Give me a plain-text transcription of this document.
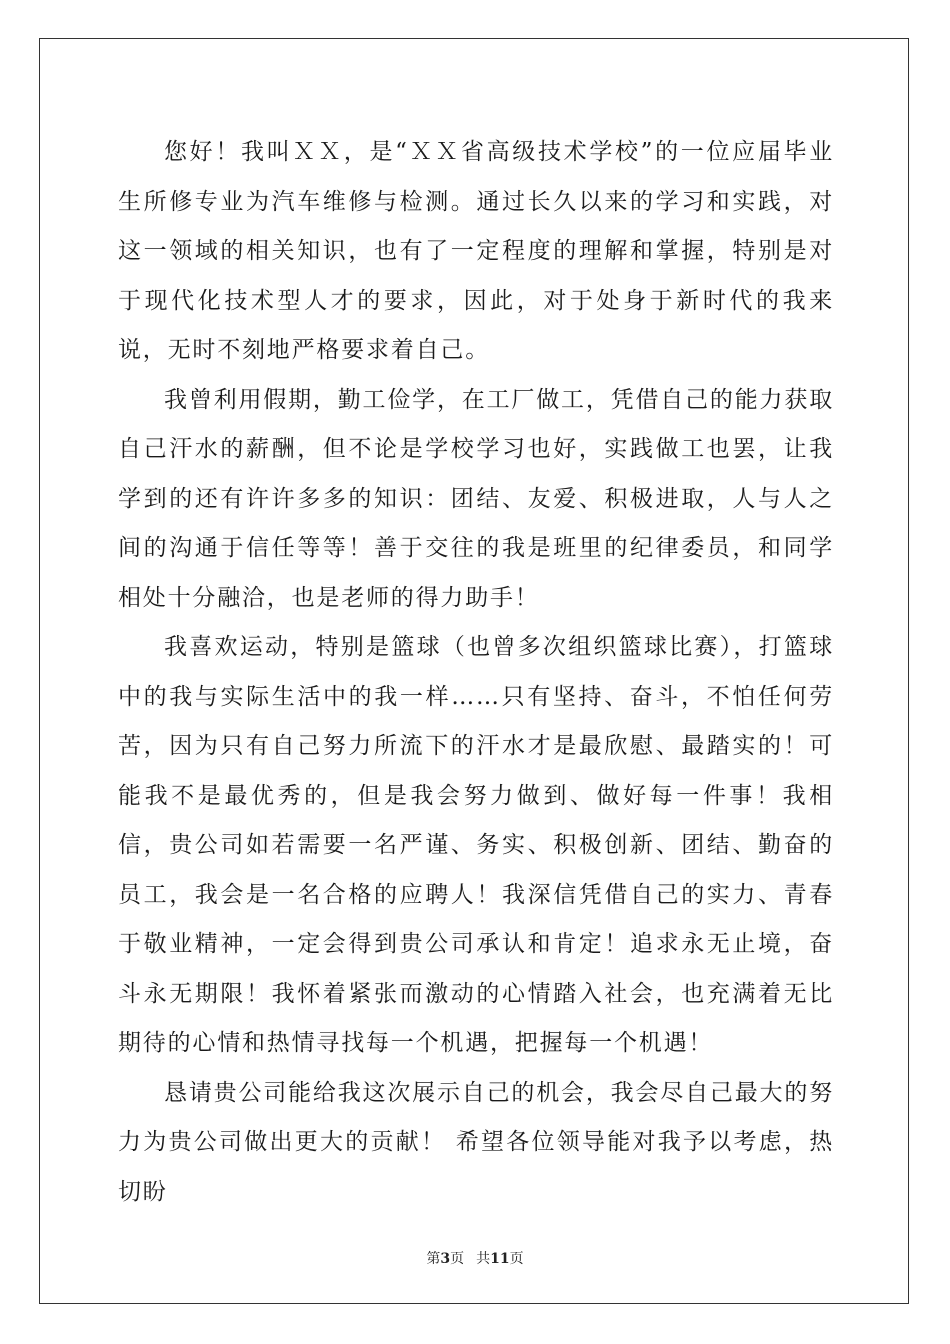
您好！我叫ＸＸ，是“ＸＸ省高级技术学校”的一位应届毕业生所修专业为汽车维修与检测。通过长久以来的学习和实践，对这一领域的相关知识，也有了一定程度的理解和掌握，特别是对于现代化技术型人才的要求，因此，对于处身于新时代的我来说，无时不刻地严格要求着自己。

我曾利用假期，勤工俭学，在工厂做工，凭借自己的能力获取自己汗水的薪酬，但不论是学校学习也好，实践做工也罢，让我学到的还有许许多多的知识：团结、友爱、积极进取，人与人之间的沟通于信任等等！善于交往的我是班里的纪律委员，和同学相处十分融洽，也是老师的得力助手！

我喜欢运动，特别是篮球（也曾多次组织篮球比赛），打篮球中的我与实际生活中的我一样……只有坚持、奋斗，不怕任何劳苦，因为只有自己努力所流下的汗水才是最欣慰、最踏实的！可能我不是最优秀的，但是我会努力做到、做好每一件事！我相信，贵公司如若需要一名严谨、务实、积极创新、团结、勤奋的员工，我会是一名合格的应聘人！我深信凭借自己的实力、青春于敬业精神，一定会得到贵公司承认和肯定！追求永无止境，奋斗永无期限！我怀着紧张而激动的心情踏入社会，也充满着无比期待的心情和热情寻找每一个机遇，把握每一个机遇！

恳请贵公司能给我这次展示自己的机会，我会尽自己最大的努力为贵公司做出更大的贡献！ 希望各位领导能对我予以考虑，热切盼

第3页 共11页
